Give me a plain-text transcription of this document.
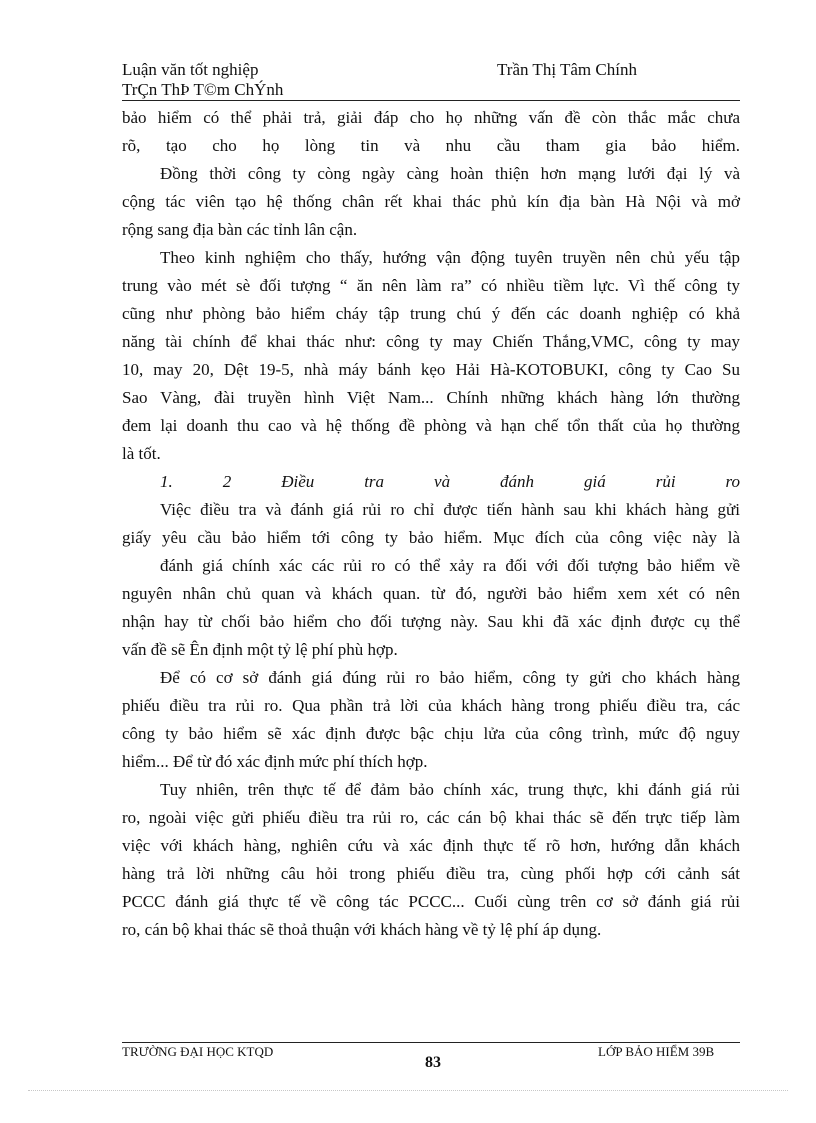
Luận văn tốt nghiệp	Trần Thị Tâm Chính
TrÇn ThÞ T©m ChÝnh
bảo hiểm có thể phải trả, giải đáp cho họ những vấn đề còn thắc mắc chưa
rõ, tạo cho họ lòng tin và nhu cầu tham gia bảo hiểm.
Đồng thời công ty còng ngày càng hoàn thiện hơn mạng lưới đại lý và
cộng tác viên tạo hệ thống chân rết khai thác phủ kín địa bàn Hà Nội và mở
rộng sang địa bàn các tỉnh lân cận.
Theo kinh nghiệm cho thấy, hướng vận động tuyên truyền nên chủ yếu tập
trung vào mét sè đối tượng “ ăn nên làm ra” có nhiều tiềm lực. Vì thế công ty
cũng như phòng bảo hiểm cháy tập trung chú ý đến các doanh nghiệp có khả
năng tài chính để khai thác như: công ty may Chiến Thắng,VMC, công ty may
10, may 20, Dệt 19-5, nhà máy bánh kẹo Hải Hà-KOTOBUKI, công ty Cao Su
Sao Vàng, đài truyền hình Việt Nam... Chính những khách hàng lớn thường
đem lại doanh thu cao và hệ thống đề phòng và hạn chế tổn thất của họ thường
là tốt.
1. 2 Điều tra và đánh giá rủi ro
Việc điều tra và đánh giá rủi ro chỉ được tiến hành sau khi khách hàng gửi
giấy yêu cầu bảo hiểm tới công ty bảo hiểm. Mục đích của công việc này là
đánh giá chính xác các rủi ro có thể xảy ra đối với đối tượng bảo hiểm về
nguyên nhân chủ quan và khách quan. từ đó, người bảo hiểm xem xét có nên
nhận hay từ chối bảo hiểm cho đối tượng này. Sau khi đã xác định được cụ thể
vấn đề sẽ Ên định một tỷ lệ phí phù hợp.
Để có cơ sở đánh giá đúng rủi ro bảo hiểm, công ty gửi cho khách hàng
phiếu điều tra rủi ro. Qua phần trả lời của khách hàng trong phiếu điều tra, các
công ty bảo hiểm sẽ xác định được bậc chịu lửa của công trình, mức độ nguy
hiểm... Để từ đó xác định mức phí thích hợp.
Tuy nhiên, trên thực tế để đảm bảo chính xác, trung thực, khi đánh giá rủi
ro, ngoài việc gửi phiếu điều tra rủi ro, các cán bộ khai thác sẽ đến trực tiếp làm
việc với khách hàng, nghiên cứu và xác định thực tế rõ hơn, hướng dẫn khách
hàng trả lời những câu hỏi trong phiếu điều tra, cùng phối hợp cới cảnh sát
PCCC đánh giá thực tế về công tác PCCC... Cuối cùng trên cơ sở đánh giá rủi
ro, cán bộ khai thác sẽ thoả thuận với khách hàng về tỷ lệ phí áp dụng.
TRƯỜNG ĐẠI HỌC KTQD
83
LỚP BẢO HIỂM 39B
